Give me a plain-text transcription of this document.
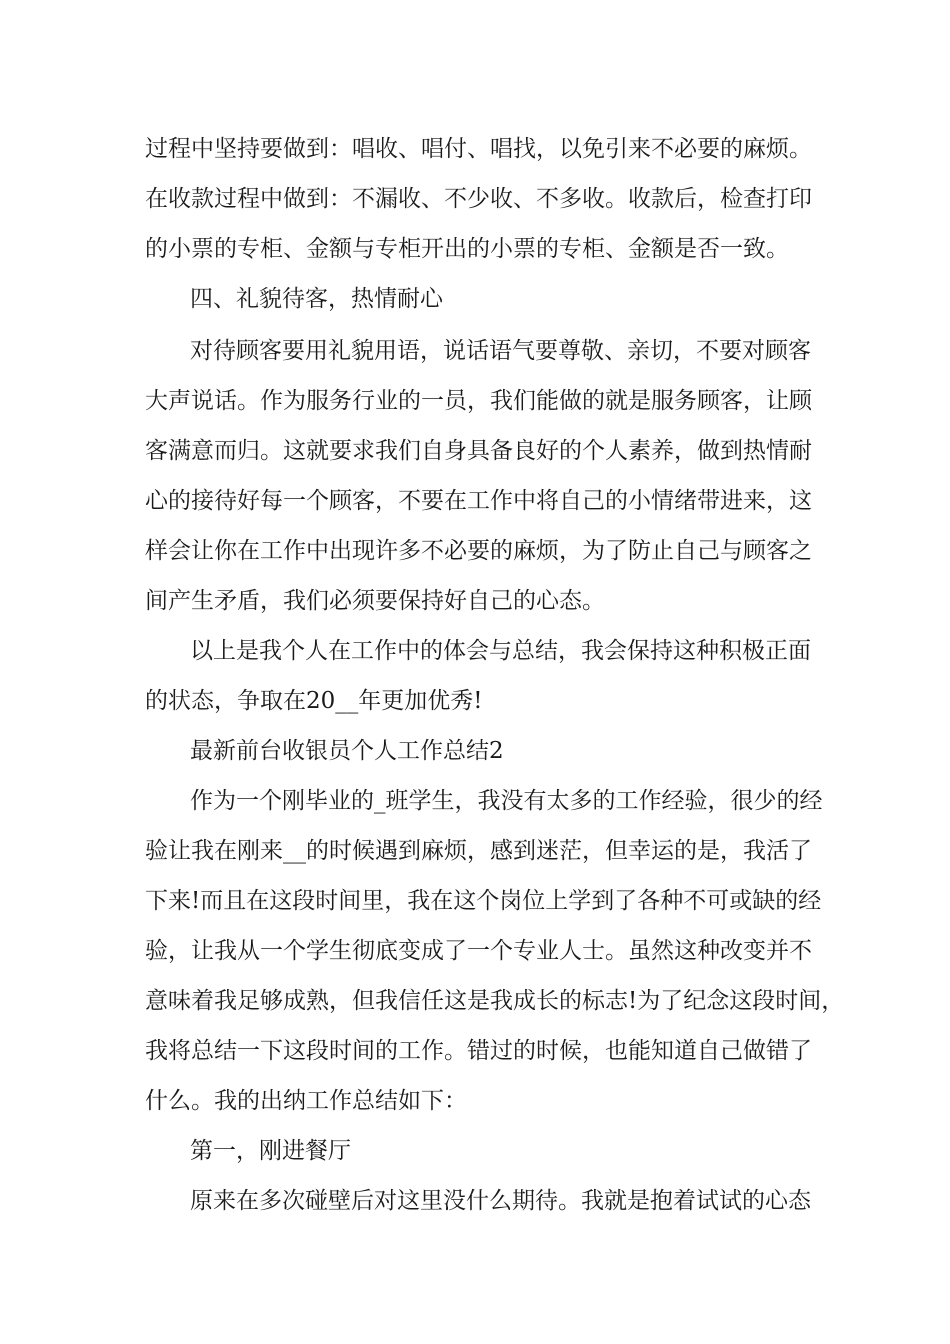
过程中坚持要做到：唱收、唱付、唱找，以免引来不必要的麻烦。
在收款过程中做到：不漏收、不少收、不多收。收款后，检查打印
的小票的专柜、金额与专柜开出的小票的专柜、金额是否一致。
四、礼貌待客，热情耐心
对待顾客要用礼貌用语，说话语气要尊敬、亲切，不要对顾客
大声说话。作为服务行业的一员，我们能做的就是服务顾客，让顾
客满意而归。这就要求我们自身具备良好的个人素养，做到热情耐
心的接待好每一个顾客，不要在工作中将自己的小情绪带进来，这
样会让你在工作中出现许多不必要的麻烦，为了防止自己与顾客之
间产生矛盾，我们必须要保持好自己的心态。
以上是我个人在工作中的体会与总结，我会保持这种积极正面
的状态，争取在20__年更加优秀!
最新前台收银员个人工作总结2
作为一个刚毕业的_班学生，我没有太多的工作经验，很少的经
验让我在刚来__的时候遇到麻烦，感到迷茫，但幸运的是，我活了
下来!而且在这段时间里，我在这个岗位上学到了各种不可或缺的经
验，让我从一个学生彻底变成了一个专业人士。虽然这种改变并不
意味着我足够成熟，但我信任这是我成长的标志!为了纪念这段时间，
我将总结一下这段时间的工作。错过的时候，也能知道自己做错了
什么。我的出纳工作总结如下：
第一，刚进餐厅
原来在多次碰壁后对这里没什么期待。我就是抱着试试的心态
